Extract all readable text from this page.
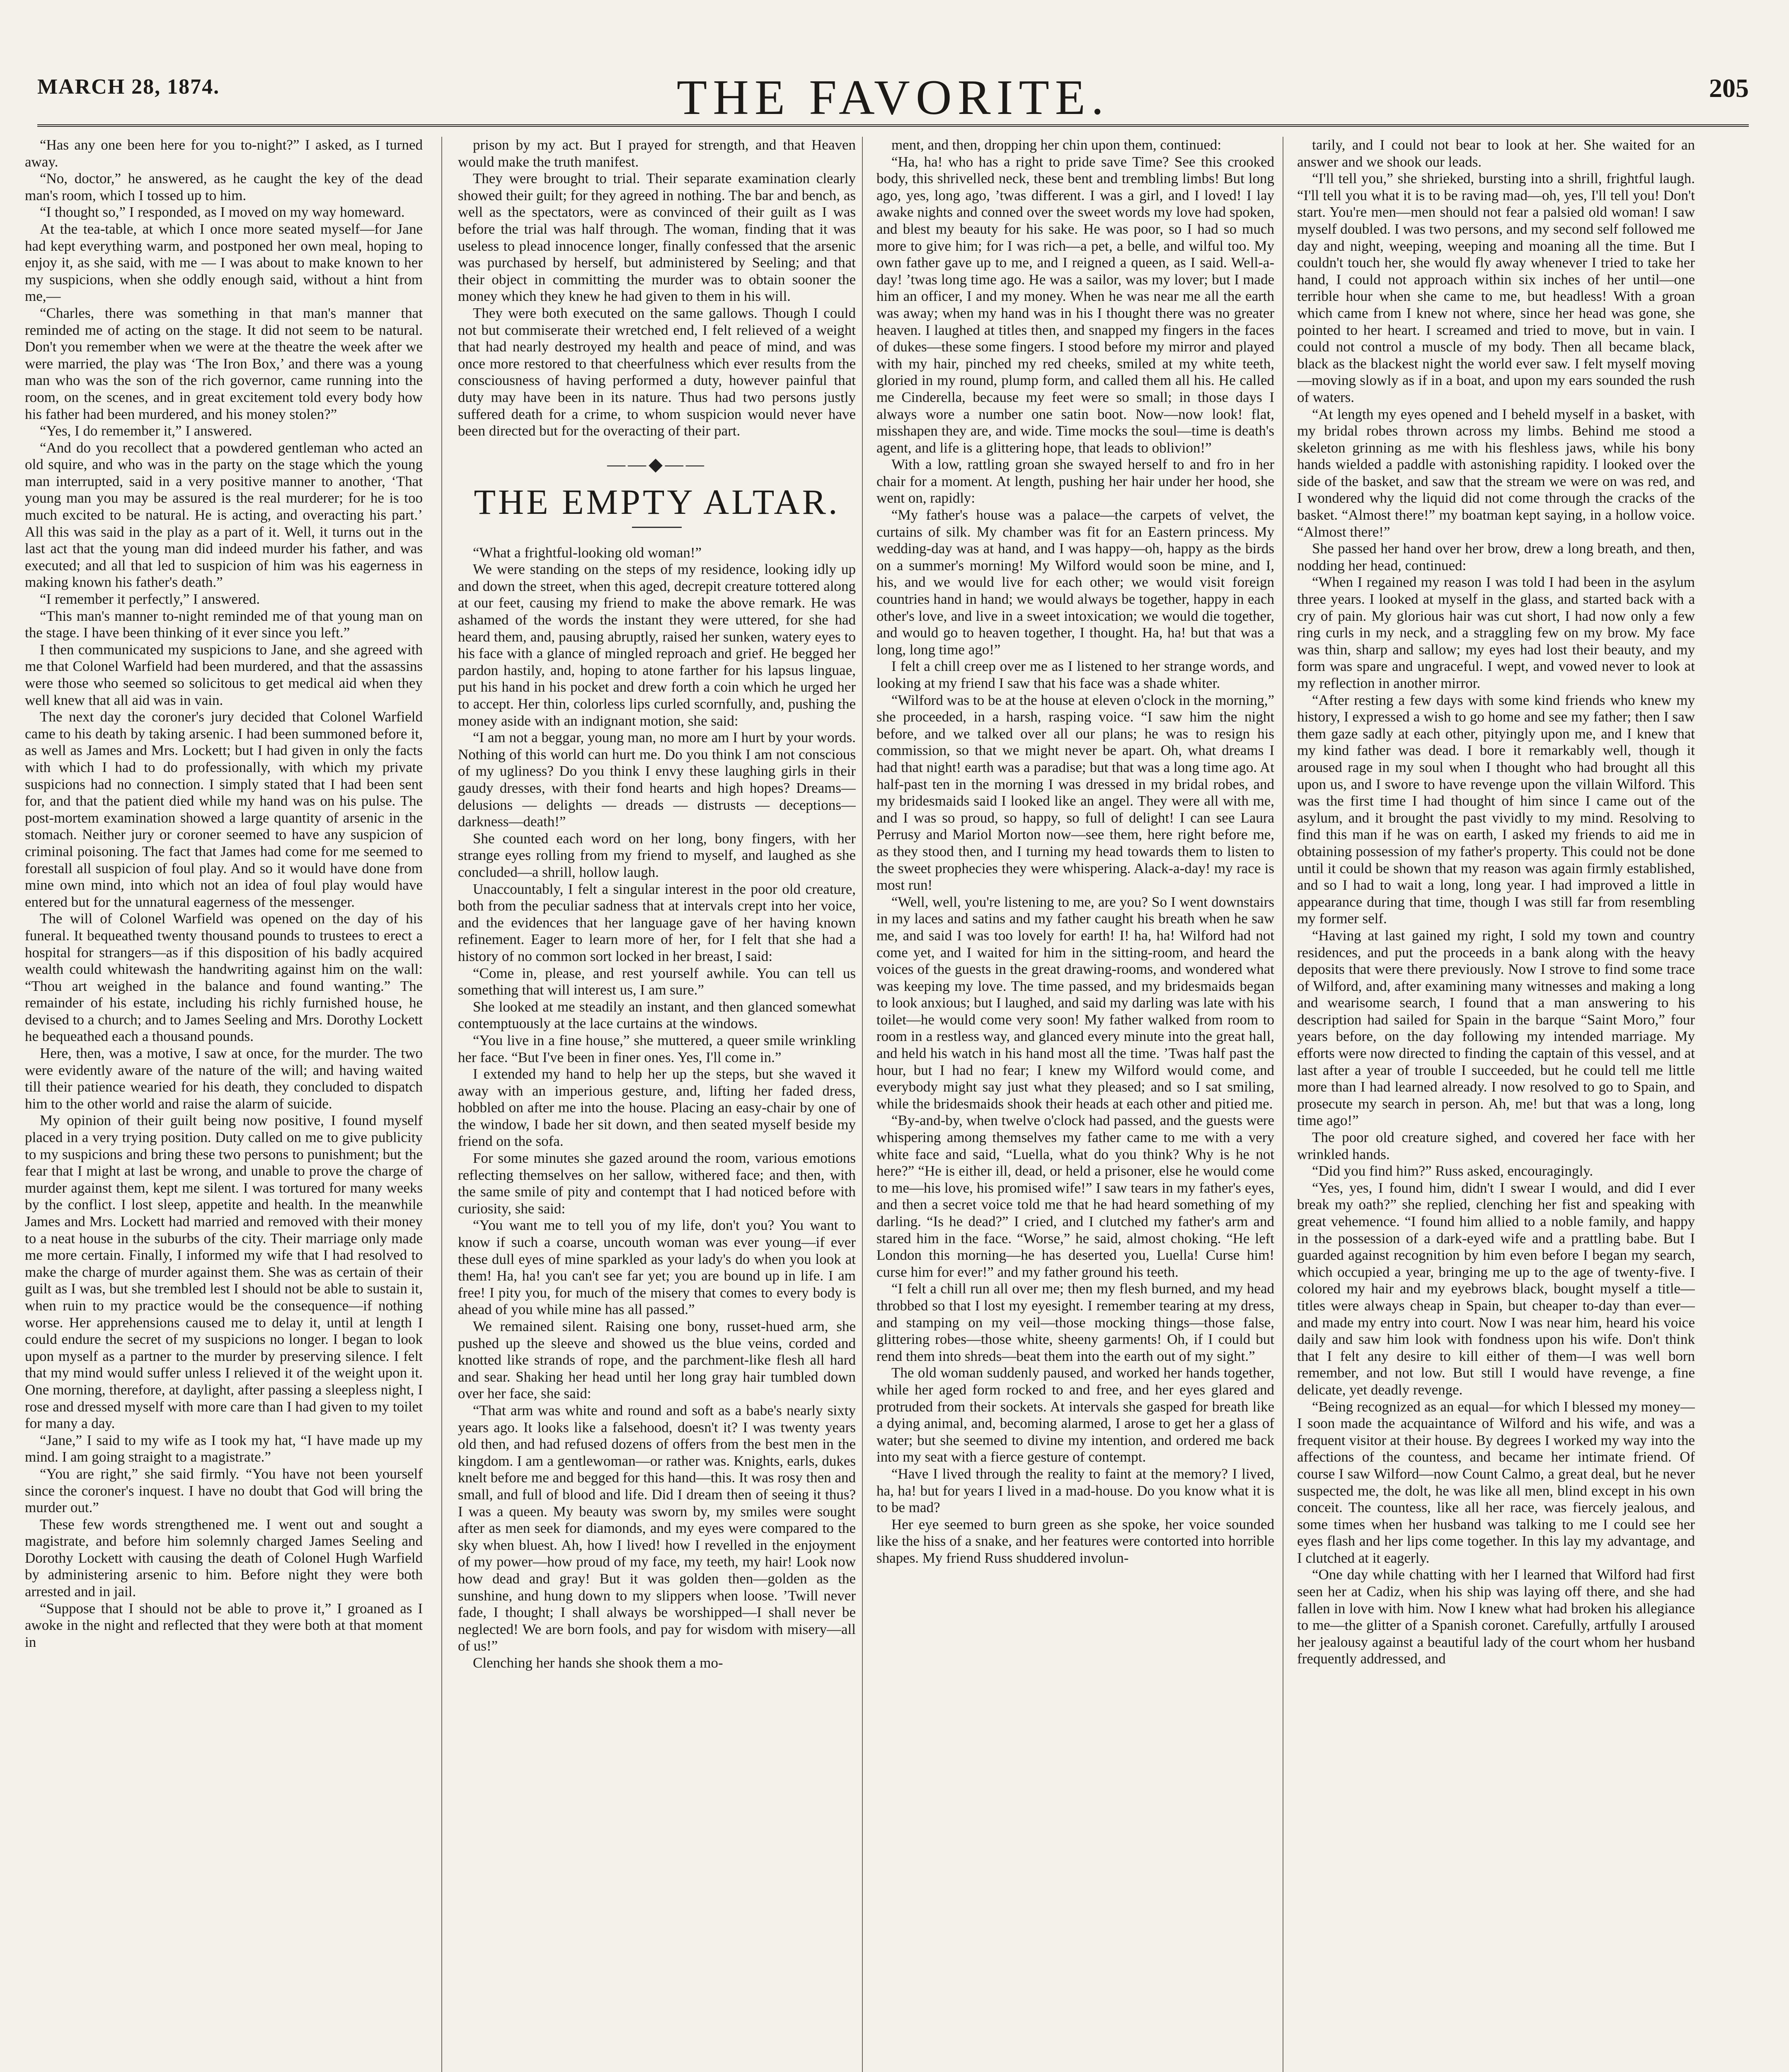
MARCH 28, 1874.	THE FAVORITE.	205

“Has any one been here for you to-night?” I asked, as I turned away.

“No, doctor,” he answered, as he caught the key of the dead man's room, which I tossed up to him.

“I thought so,” I responded, as I moved on my way homeward.

At the tea-table, at which I once more seated myself—for Jane had kept everything warm, and postponed her own meal, hoping to enjoy it, as she said, with me — I was about to make known to her my suspicions, when she oddly enough said, without a hint from me,—

“Charles, there was something in that man's manner that reminded me of acting on the stage. It did not seem to be natural. Don't you remember when we were at the theatre the week after we were married, the play was ‘The Iron Box,’ and there was a young man who was the son of the rich governor, came running into the room, on the scenes, and in great excitement told every body how his father had been murdered, and his money stolen?”

“Yes, I do remember it,” I answered.

“And do you recollect that a powdered gentleman who acted an old squire, and who was in the party on the stage which the young man interrupted, said in a very positive manner to another, ‘That young man you may be assured is the real murderer; for he is too much excited to be natural. He is acting, and overacting his part.’ All this was said in the play as a part of it. Well, it turns out in the last act that the young man did indeed murder his father, and was executed; and all that led to suspicion of him was his eagerness in making known his father's death.”

“I remember it perfectly,” I answered.

“This man's manner to-night reminded me of that young man on the stage. I have been thinking of it ever since you left.”

I then communicated my suspicions to Jane, and she agreed with me that Colonel Warfield had been murdered, and that the assassins were those who seemed so solicitous to get medical aid when they well knew that all aid was in vain.

The next day the coroner's jury decided that Colonel Warfield came to his death by taking arsenic. I had been summoned before it, as well as James and Mrs. Lockett; but I had given in only the facts with which I had to do professionally, with which my private suspicions had no connection. I simply stated that I had been sent for, and that the patient died while my hand was on his pulse. The post-mortem examination showed a large quantity of arsenic in the stomach. Neither jury or coroner seemed to have any suspicion of criminal poisoning. The fact that James had come for me seemed to forestall all suspicion of foul play. And so it would have done from mine own mind, into which not an idea of foul play would have entered but for the unnatural eagerness of the messenger.

The will of Colonel Warfield was opened on the day of his funeral. It bequeathed twenty thousand pounds to trustees to erect a hospital for strangers—as if this disposition of his badly acquired wealth could whitewash the handwriting against him on the wall: “Thou art weighed in the balance and found wanting.” The remainder of his estate, including his richly furnished house, he devised to a church; and to James Seeling and Mrs. Dorothy Lockett he bequeathed each a thousand pounds.

Here, then, was a motive, I saw at once, for the murder. The two were evidently aware of the nature of the will; and having waited till their patience wearied for his death, they concluded to dispatch him to the other world and raise the alarm of suicide.

My opinion of their guilt being now positive, I found myself placed in a very trying position. Duty called on me to give publicity to my suspicions and bring these two persons to punishment; but the fear that I might at last be wrong, and unable to prove the charge of murder against them, kept me silent. I was tortured for many weeks by the conflict. I lost sleep, appetite and health. In the meanwhile James and Mrs. Lockett had married and removed with their money to a neat house in the suburbs of the city. Their marriage only made me more certain. Finally, I informed my wife that I had resolved to make the charge of murder against them. She was as certain of their guilt as I was, but she trembled lest I should not be able to sustain it, when ruin to my practice would be the consequence—if nothing worse. Her apprehensions caused me to delay it, until at length I could endure the secret of my suspicions no longer. I began to look upon myself as a partner to the murder by preserving silence. I felt that my mind would suffer unless I relieved it of the weight upon it. One morning, therefore, at daylight, after passing a sleepless night, I rose and dressed myself with more care than I had given to my toilet for many a day.

“Jane,” I said to my wife as I took my hat, “I have made up my mind. I am going straight to a magistrate.”

“You are right,” she said firmly. “You have not been yourself since the coroner's inquest. I have no doubt that God will bring the murder out.”

These few words strengthened me. I went out and sought a magistrate, and before him solemnly charged James Seeling and Dorothy Lockett with causing the death of Colonel Hugh Warfield by administering arsenic to him. Before night they were both arrested and in jail.

“Suppose that I should not be able to prove it,” I groaned as I awoke in the night and reflected that they were both at that moment in

prison by my act. But I prayed for strength, and that Heaven would make the truth manifest.

They were brought to trial. Their separate examination clearly showed their guilt; for they agreed in nothing. The bar and bench, as well as the spectators, were as convinced of their guilt as I was before the trial was half through. The woman, finding that it was useless to plead innocence longer, finally confessed that the arsenic was purchased by herself, but administered by Seeling; and that their object in committing the murder was to obtain sooner the money which they knew he had given to them in his will.

They were both executed on the same gallows. Though I could not but commiserate their wretched end, I felt relieved of a weight that had nearly destroyed my health and peace of mind, and was once more restored to that cheerfulness which ever results from the consciousness of having performed a duty, however painful that duty may have been in its nature. Thus had two persons justly suffered death for a crime, to whom suspicion would never have been directed but for the overacting of their part.

——◆——
THE EMPTY ALTAR.

“What a frightful-looking old woman!”

We were standing on the steps of my residence, looking idly up and down the street, when this aged, decrepit creature tottered along at our feet, causing my friend to make the above remark. He was ashamed of the words the instant they were uttered, for she had heard them, and, pausing abruptly, raised her sunken, watery eyes to his face with a glance of mingled reproach and grief. He begged her pardon hastily, and, hoping to atone farther for his lapsus linguae, put his hand in his pocket and drew forth a coin which he urged her to accept. Her thin, colorless lips curled scornfully, and, pushing the money aside with an indignant motion, she said:

“I am not a beggar, young man, no more am I hurt by your words. Nothing of this world can hurt me. Do you think I am not conscious of my ugliness? Do you think I envy these laughing girls in their gaudy dresses, with their fond hearts and high hopes? Dreams—delusions — delights — dreads — distrusts — deceptions—darkness—death!”

She counted each word on her long, bony fingers, with her strange eyes rolling from my friend to myself, and laughed as she concluded—a shrill, hollow laugh.

Unaccountably, I felt a singular interest in the poor old creature, both from the peculiar sadness that at intervals crept into her voice, and the evidences that her language gave of her having known refinement. Eager to learn more of her, for I felt that she had a history of no common sort locked in her breast, I said:

“Come in, please, and rest yourself awhile. You can tell us something that will interest us, I am sure.”

She looked at me steadily an instant, and then glanced somewhat contemptuously at the lace curtains at the windows.

“You live in a fine house,” she muttered, a queer smile wrinkling her face. “But I've been in finer ones. Yes, I'll come in.”

I extended my hand to help her up the steps, but she waved it away with an imperious gesture, and, lifting her faded dress, hobbled on after me into the house. Placing an easy-chair by one of the window, I bade her sit down, and then seated myself beside my friend on the sofa.

For some minutes she gazed around the room, various emotions reflecting themselves on her sallow, withered face; and then, with the same smile of pity and contempt that I had noticed before with curiosity, she said:

“You want me to tell you of my life, don't you? You want to know if such a coarse, uncouth woman was ever young—if ever these dull eyes of mine sparkled as your lady's do when you look at them! Ha, ha! you can't see far yet; you are bound up in life. I am free! I pity you, for much of the misery that comes to every body is ahead of you while mine has all passed.”

We remained silent. Raising one bony, russet-hued arm, she pushed up the sleeve and showed us the blue veins, corded and knotted like strands of rope, and the parchment-like flesh all hard and sear. Shaking her head until her long gray hair tumbled down over her face, she said:

“That arm was white and round and soft as a babe's nearly sixty years ago. It looks like a falsehood, doesn't it? I was twenty years old then, and had refused dozens of offers from the best men in the kingdom. I am a gentlewoman—or rather was. Knights, earls, dukes knelt before me and begged for this hand—this. It was rosy then and small, and full of blood and life. Did I dream then of seeing it thus? I was a queen. My beauty was sworn by, my smiles were sought after as men seek for diamonds, and my eyes were compared to the sky when bluest. Ah, how I lived! how I revelled in the enjoyment of my power—how proud of my face, my teeth, my hair! Look now how dead and gray! But it was golden then—golden as the sunshine, and hung down to my slippers when loose. ’Twill never fade, I thought; I shall always be worshipped—I shall never be neglected! We are born fools, and pay for wisdom with misery—all of us!”

Clenching her hands she shook them a mo-

ment, and then, dropping her chin upon them, continued:

“Ha, ha! who has a right to pride save Time? See this crooked body, this shrivelled neck, these bent and trembling limbs! But long ago, yes, long ago, ’twas different. I was a girl, and I loved! I lay awake nights and conned over the sweet words my love had spoken, and blest my beauty for his sake. He was poor, so I had so much more to give him; for I was rich—a pet, a belle, and wilful too. My own father gave up to me, and I reigned a queen, as I said. Well-a-day! ’twas long time ago. He was a sailor, was my lover; but I made him an officer, I and my money. When he was near me all the earth was away; when my hand was in his I thought there was no greater heaven. I laughed at titles then, and snapped my fingers in the faces of dukes—these some fingers. I stood before my mirror and played with my hair, pinched my red cheeks, smiled at my white teeth, gloried in my round, plump form, and called them all his. He called me Cinderella, because my feet were so small; in those days I always wore a number one satin boot. Now—now look! flat, misshapen they are, and wide. Time mocks the soul—time is death's agent, and life is a glittering hope, that leads to oblivion!”

With a low, rattling groan she swayed herself to and fro in her chair for a moment. At length, pushing her hair under her hood, she went on, rapidly:

“My father's house was a palace—the carpets of velvet, the curtains of silk. My chamber was fit for an Eastern princess. My wedding-day was at hand, and I was happy—oh, happy as the birds on a summer's morning! My Wilford would soon be mine, and I, his, and we would live for each other; we would visit foreign countries hand in hand; we would always be together, happy in each other's love, and live in a sweet intoxication; we would die together, and would go to heaven together, I thought. Ha, ha! but that was a long, long time ago!”

I felt a chill creep over me as I listened to her strange words, and looking at my friend I saw that his face was a shade whiter.

“Wilford was to be at the house at eleven o'clock in the morning,” she proceeded, in a harsh, rasping voice. “I saw him the night before, and we talked over all our plans; he was to resign his commission, so that we might never be apart. Oh, what dreams I had that night! earth was a paradise; but that was a long time ago. At half-past ten in the morning I was dressed in my bridal robes, and my bridesmaids said I looked like an angel. They were all with me, and I was so proud, so happy, so full of delight! I can see Laura Perrusy and Mariol Morton now—see them, here right before me, as they stood then, and I turning my head towards them to listen to the sweet prophecies they were whispering. Alack-a-day! my race is most run!

“Well, well, you're listening to me, are you? So I went downstairs in my laces and satins and my father caught his breath when he saw me, and said I was too lovely for earth! I! ha, ha! Wilford had not come yet, and I waited for him in the sitting-room, and heard the voices of the guests in the great drawing-rooms, and wondered what was keeping my love. The time passed, and my bridesmaids began to look anxious; but I laughed, and said my darling was late with his toilet—he would come very soon! My father walked from room to room in a restless way, and glanced every minute into the great hall, and held his watch in his hand most all the time. ’Twas half past the hour, but I had no fear; I knew my Wilford would come, and everybody might say just what they pleased; and so I sat smiling, while the bridesmaids shook their heads at each other and pitied me.

“By-and-by, when twelve o'clock had passed, and the guests were whispering among themselves my father came to me with a very white face and said, “Luella, what do you think? Why is he not here?” “He is either ill, dead, or held a prisoner, else he would come to me—his love, his promised wife!” I saw tears in my father's eyes, and then a secret voice told me that he had heard something of my darling. “Is he dead?” I cried, and I clutched my father's arm and stared him in the face. “Worse,” he said, almost choking. “He left London this morning—he has deserted you, Luella! Curse him! curse him for ever!” and my father ground his teeth.

“I felt a chill run all over me; then my flesh burned, and my head throbbed so that I lost my eyesight. I remember tearing at my dress, and stamping on my veil—those mocking things—those false, glittering robes—those white, sheeny garments! Oh, if I could but rend them into shreds—beat them into the earth out of my sight.”

The old woman suddenly paused, and worked her hands together, while her aged form rocked to and free, and her eyes glared and protruded from their sockets. At intervals she gasped for breath like a dying animal, and, becoming alarmed, I arose to get her a glass of water; but she seemed to divine my intention, and ordered me back into my seat with a fierce gesture of contempt.

“Have I lived through the reality to faint at the memory? I lived, ha, ha! but for years I lived in a mad-house. Do you know what it is to be mad?

Her eye seemed to burn green as she spoke, her voice sounded like the hiss of a snake, and her features were contorted into horrible shapes. My friend Russ shuddered involun-

tarily, and I could not bear to look at her. She waited for an answer and we shook our leads.

“I'll tell you,” she shrieked, bursting into a shrill, frightful laugh. “I'll tell you what it is to be raving mad—oh, yes, I'll tell you! Don't start. You're men—men should not fear a palsied old woman! I saw myself doubled. I was two persons, and my second self followed me day and night, weeping, weeping and moaning all the time. But I couldn't touch her, she would fly away whenever I tried to take her hand, I could not approach within six inches of her until—one terrible hour when she came to me, but headless! With a groan which came from I knew not where, since her head was gone, she pointed to her heart. I screamed and tried to move, but in vain. I could not control a muscle of my body. Then all became black, black as the blackest night the world ever saw. I felt myself moving—moving slowly as if in a boat, and upon my ears sounded the rush of waters.

“At length my eyes opened and I beheld myself in a basket, with my bridal robes thrown across my limbs. Behind me stood a skeleton grinning as me with his fleshless jaws, while his bony hands wielded a paddle with astonishing rapidity. I looked over the side of the basket, and saw that the stream we were on was red, and I wondered why the liquid did not come through the cracks of the basket. “Almost there!” my boatman kept saying, in a hollow voice. “Almost there!”

She passed her hand over her brow, drew a long breath, and then, nodding her head, continued:

“When I regained my reason I was told I had been in the asylum three years. I looked at myself in the glass, and started back with a cry of pain. My glorious hair was cut short, I had now only a few ring curls in my neck, and a straggling few on my brow. My face was thin, sharp and sallow; my eyes had lost their beauty, and my form was spare and ungraceful. I wept, and vowed never to look at my reflection in another mirror.

“After resting a few days with some kind friends who knew my history, I expressed a wish to go home and see my father; then I saw them gaze sadly at each other, pityingly upon me, and I knew that my kind father was dead. I bore it remarkably well, though it aroused rage in my soul when I thought who had brought all this upon us, and I swore to have revenge upon the villain Wilford. This was the first time I had thought of him since I came out of the asylum, and it brought the past vividly to my mind. Resolving to find this man if he was on earth, I asked my friends to aid me in obtaining possession of my father's property. This could not be done until it could be shown that my reason was again firmly established, and so I had to wait a long, long year. I had improved a little in appearance during that time, though I was still far from resembling my former self.

“Having at last gained my right, I sold my town and country residences, and put the proceeds in a bank along with the heavy deposits that were there previously. Now I strove to find some trace of Wilford, and, after examining many witnesses and making a long and wearisome search, I found that a man answering to his description had sailed for Spain in the barque “Saint Moro,” four years before, on the day following my intended marriage. My efforts were now directed to finding the captain of this vessel, and at last after a year of trouble I succeeded, but he could tell me little more than I had learned already. I now resolved to go to Spain, and prosecute my search in person. Ah, me! but that was a long, long time ago!”

The poor old creature sighed, and covered her face with her wrinkled hands.

“Did you find him?” Russ asked, encouragingly.

“Yes, yes, I found him, didn't I swear I would, and did I ever break my oath?” she replied, clenching her fist and speaking with great vehemence. “I found him allied to a noble family, and happy in the possession of a dark-eyed wife and a prattling babe. But I guarded against recognition by him even before I began my search, which occupied a year, bringing me up to the age of twenty-five. I colored my hair and my eyebrows black, bought myself a title—titles were always cheap in Spain, but cheaper to-day than ever—and made my entry into court. Now I was near him, heard his voice daily and saw him look with fondness upon his wife. Don't think that I felt any desire to kill either of them—I was well born remember, and not low. But still I would have revenge, a fine delicate, yet deadly revenge.

“Being recognized as an equal—for which I blessed my money—I soon made the acquaintance of Wilford and his wife, and was a frequent visitor at their house. By degrees I worked my way into the affections of the countess, and became her intimate friend. Of course I saw Wilford—now Count Calmo, a great deal, but he never suspected me, the dolt, he was like all men, blind except in his own conceit. The countess, like all her race, was fiercely jealous, and some times when her husband was talking to me I could see her eyes flash and her lips come together. In this lay my advantage, and I clutched at it eagerly.

“One day while chatting with her I learned that Wilford had first seen her at Cadiz, when his ship was laying off there, and she had fallen in love with him. Now I knew what had broken his allegiance to me—the glitter of a Spanish coronet. Carefully, artfully I aroused her jealousy against a beautiful lady of the court whom her husband frequently addressed, and
